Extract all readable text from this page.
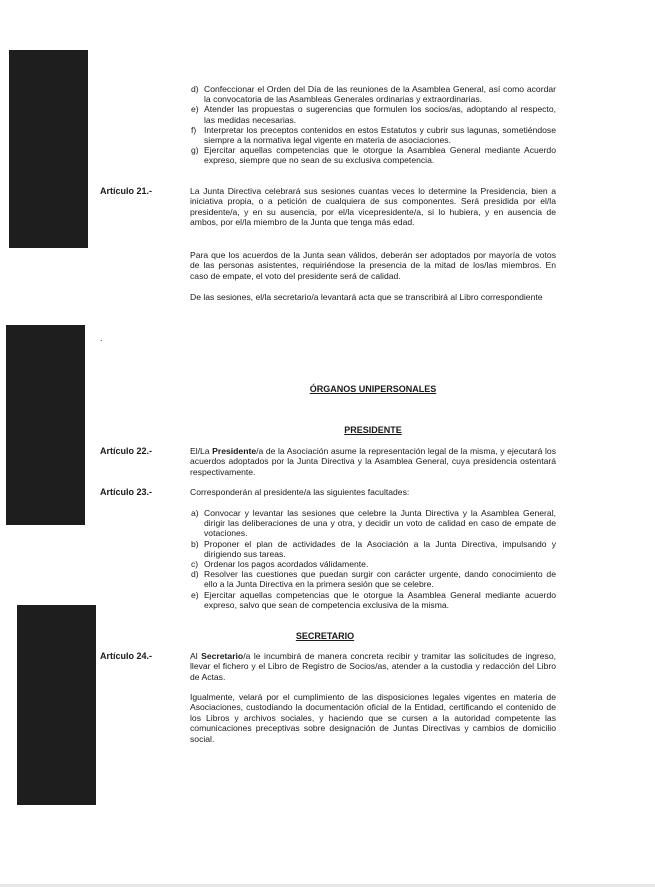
d) Confeccionar el Orden del Día de las reuniones de la Asamblea General, así como acordar la convocatoria de las Asambleas Generales ordinarias y extraordinarias.
e) Atender las propuestas o sugerencias que formulen los socios/as, adoptando al respecto, las medidas necesarias.
f) Interpretar los preceptos contenidos en estos Estatutos y cubrir sus lagunas, sometiéndose siempre a la normativa legal vigente en materia de asociaciones.
g) Ejercitar aquellas competencias que le otorgue la Asamblea General mediante Acuerdo expreso, siempre que no sean de su exclusiva competencia.
Artículo 21.-	La Junta Directiva celebrará sus sesiones cuantas veces lo determine la Presidencia, bien a iniciativa propia, o a petición de cualquiera de sus componentes. Será presidida por el/la presidente/a, y en su ausencia, por el/la vicepresidente/a, si lo hubiera, y en ausencia de ambos, por el/la miembro de la Junta que tenga más edad.

Para que los acuerdos de la Junta sean válidos, deberán ser adoptados por mayoría de votos de las personas asistentes, requiriéndose la presencia de la mitad de los/las miembros. En caso de empate, el voto del presidente será de calidad.

De las sesiones, el/la secretario/a levantará acta que se transcribirá al Libro correspondiente

.
ÓRGANOS UNIPERSONALES
PRESIDENTE
Artículo 22.-	El/La Presidente/a de la Asociación asume la representación legal de la misma, y ejecutará los acuerdos adoptados por la Junta Directiva y la Asamblea General, cuya presidencia ostentará respectivamente.

Artículo 23.-	Corresponderán al presidente/a las siguientes facultades:

a) Convocar y levantar las sesiones que celebre la Junta Directiva y la Asamblea General, dirigir las deliberaciones de una y otra, y decidir un voto de calidad en caso de empate de votaciones.
b) Proponer el plan de actividades de la Asociación a la Junta Directiva, impulsando y dirigiendo sus tareas.
c) Ordenar los pagos acordados válidamente.
d) Resolver las cuestiones que puedan surgir con carácter urgente, dando conocimiento de ello a la Junta Directiva en la primera sesión que se celebre.
e) Ejercitar aquellas competencias que le otorgue la Asamblea General mediante acuerdo expreso, salvo que sean de competencia exclusiva de la misma.
SECRETARIO
Artículo 24.-	Al Secretario/a le incumbirá de manera concreta recibir y tramitar las solicitudes de ingreso, llevar el fichero y el Libro de Registro de Socios/as, atender a la custodia y redacción del Libro de Actas.

Igualmente, velará por el cumplimiento de las disposiciones legales vigentes en materia de Asociaciones, custodiando la documentación oficial de la Entidad, certificando el contenido de los Libros y archivos sociales, y haciendo que se cursen a la autoridad competente las comunicaciones preceptivas sobre designación de Juntas Directivas y cambios de domicilio social.
